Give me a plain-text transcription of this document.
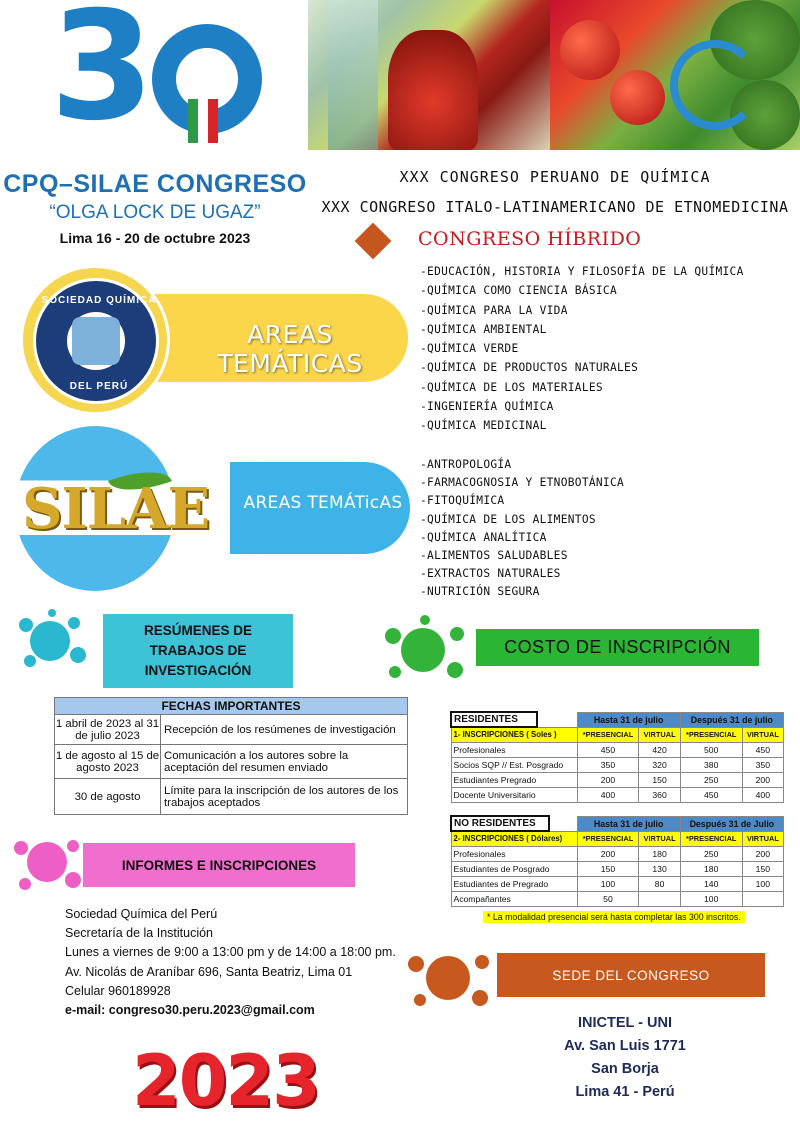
3
CPQ–SILAE CONGRESO
“OLGA LOCK DE UGAZ”
Lima 16 - 20 de octubre 2023
XXX CONGRESO PERUANO DE QUÍMICA
XXX CONGRESO ITALO-LATINAMERICANO DE ETNOMEDICINA
CONGRESO HÍBRIDO
SOCIEDAD QUÍMICA
DEL PERÚ
AREAS TEMÁTICAS
-EDUCACIÓN, HISTORIA Y FILOSOFÍA DE LA QUÍMICA
-QUÍMICA COMO CIENCIA BÁSICA
-QUÍMICA PARA LA VIDA
-QUÍMICA AMBIENTAL
-QUÍMICA VERDE
-QUÍMICA DE PRODUCTOS NATURALES
-QUÍMICA DE LOS MATERIALES
-INGENIERÍA QUÍMICA
-QUÍMICA MEDICINAL
SILAE	AREAS TEMÁTicAS
-ANTROPOLOGÍA
-FARMACOGNOSIA Y ETNOBOTÁNICA
-FITOQUÍMICA
-QUÍMICA DE LOS ALIMENTOS
-QUÍMICA ANALÍTICA
-ALIMENTOS SALUDABLES
-EXTRACTOS NATURALES
-NUTRICIÓN SEGURA
RESÚMENES DE
TRABAJOS DE
INVESTIGACIÓN
COSTO DE INSCRIPCIÓN
FECHAS IMPORTANTES	
1 abril de 2023 al 31 de julio 2023	Recepción de los resúmenes de investigación
1 de agosto al 15 de agosto 2023	Comunicación a los autores sobre la aceptación del resumen enviado
30 de agosto	Límite para la inscripción de los autores de los trabajos aceptados
RESIDENTES		Hasta 31 de julio		Después 31 de julio	
1- INSCRIPCIONES ( Soles )		*PRESENCIAL	VIRTUAL	*PRESENCIAL	VIRTUAL
Profesionales		450	420	500	450
Socios SQP // Est. Posgrado		350	320	380	350
Estudiantes Pregrado		200	150	250	200
Docente Universitario		400	360	450	400
NO RESIDENTES		Hasta 31 de julio		Después 31 de Julio	
2- INSCRIPCIONES ( Dólares)		*PRESENCIAL	VIRTUAL	*PRESENCIAL	VIRTUAL
Profesionales		200	180	250	200
Estudiantes de Posgrado		150	130	180	150
Estudiantes de Pregrado		100	80	140	100
Acompañantes		50		100	
* La modalidad presencial será hasta completar las 300 inscritos.
INFORMES E INSCRIPCIONES
Sociedad Química del Perú
Secretaría de la Institución
Lunes a viernes de 9:00 a 13:00 pm y de 14:00 a 18:00 pm.
Av. Nicolás de Araníbar 696, Santa Beatriz, Lima 01
Celular 960189928
e-mail: congreso30.peru.2023@gmail.com
SEDE DEL CONGRESO
INICTEL - UNI
Av. San Luis 1771
San Borja
Lima 41 - Perú
2023
